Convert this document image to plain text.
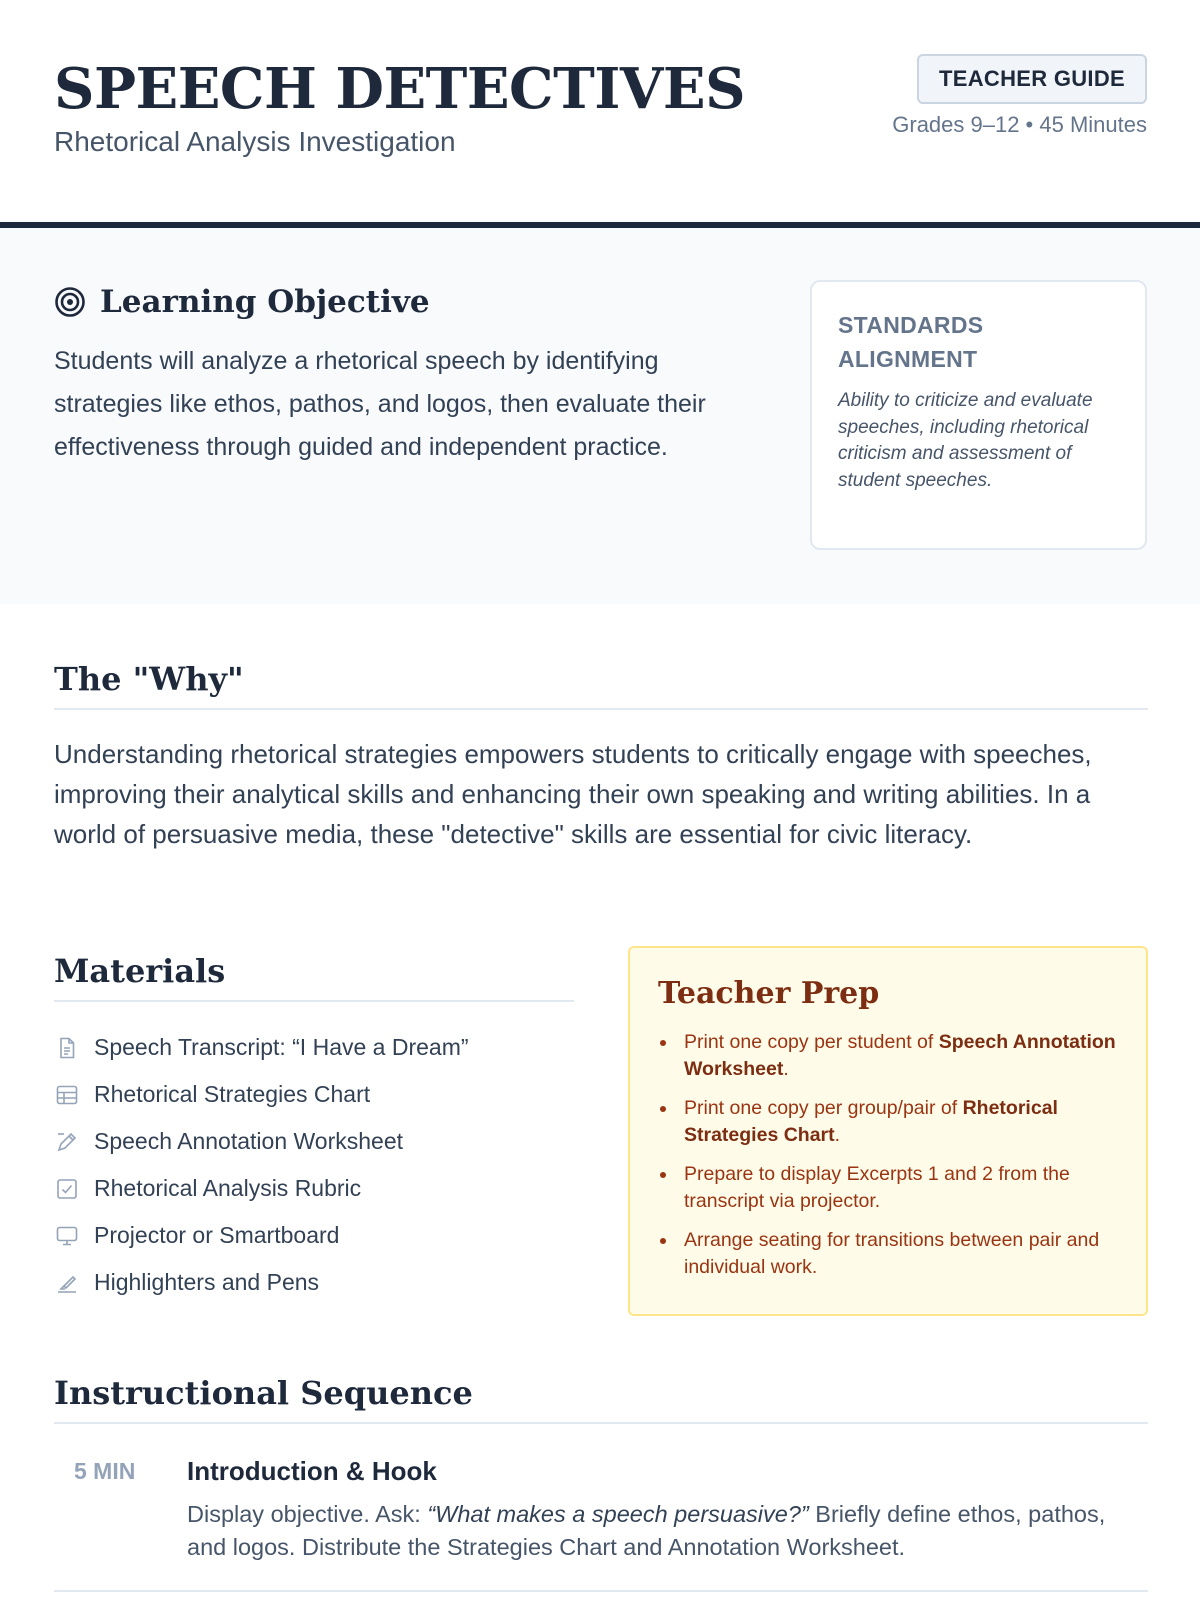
SPEECH DETECTIVES
Rhetorical Analysis Investigation
TEACHER GUIDE
Grades 9–12 • 45 Minutes
Learning Objective

Students will analyze a rhetorical speech by identifying strategies like ethos, pathos, and logos, then evaluate their effectiveness through guided and independent practice.

STANDARDS ALIGNMENT
Ability to criticize and evaluate speeches, including rhetorical criticism and assessment of student speeches.
The "Why"

Understanding rhetorical strategies empowers students to critically engage with speeches, improving their analytical skills and enhancing their own speaking and writing abilities. In a world of persuasive media, these "detective" skills are essential for civic literacy.

Materials
Speech Transcript: “I Have a Dream”
Rhetorical Strategies Chart
Speech Annotation Worksheet
Rhetorical Analysis Rubric
Projector or Smartboard
Highlighters and Pens
Teacher Prep
Print one copy per student of Speech Annotation Worksheet.
Print one copy per group/pair of Rhetorical Strategies Chart.
Prepare to display Excerpts 1 and 2 from the transcript via projector.
Arrange seating for transitions between pair and individual work.
Instructional Sequence
5 MIN Introduction & Hook
Display objective. Ask: “What makes a speech persuasive?” Briefly define ethos, pathos, and logos. Distribute the Strategies Chart and Annotation Worksheet.
